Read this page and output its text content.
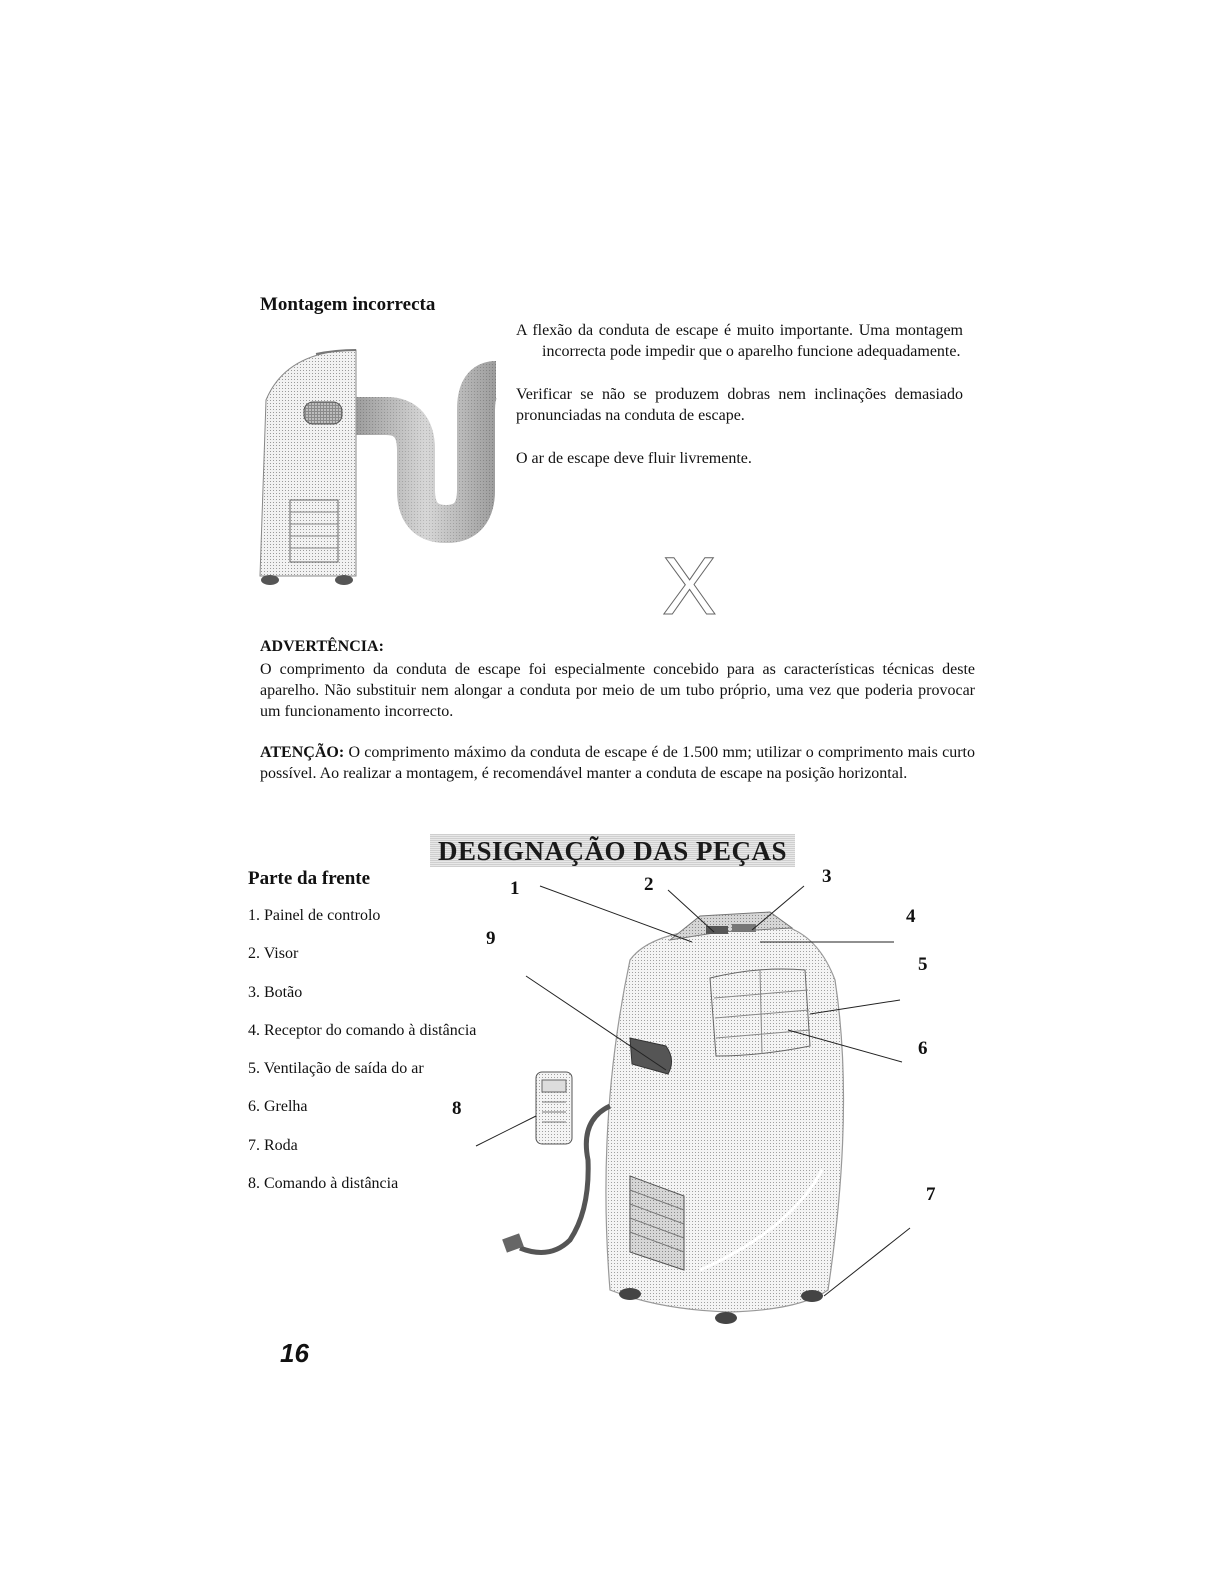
Montagem incorrecta

A flexão da conduta de escape é muito importante. Uma montagem incorrecta pode impedir que o aparelho funcione adequadamente.

Verificar se não se produzem dobras nem inclinações demasiado pronunciadas na conduta de escape.

O ar de escape deve fluir livremente.

X
ADVERTÊNCIA:
O comprimento da conduta de escape foi especialmente concebido para as características técnicas deste aparelho. Não substituir nem alongar a conduta por meio de um tubo próprio, uma vez que poderia provocar um funcionamento incorrecto.
ATENÇÃO: O comprimento máximo da conduta de escape é de 1.500 mm; utilizar o comprimento mais curto possível. Ao realizar a montagem, é recomendável manter a conduta de escape na posição horizontal.
DESIGNAÇÃO DAS PEÇAS
Parte da frente
1. Painel de controlo
2. Visor
3. Botão
4. Receptor do comando à distância
5. Ventilação de saída do ar
6. Grelha
7. Roda
8. Comando à distância
1	2	3
4
5
6
7
8
9
16
